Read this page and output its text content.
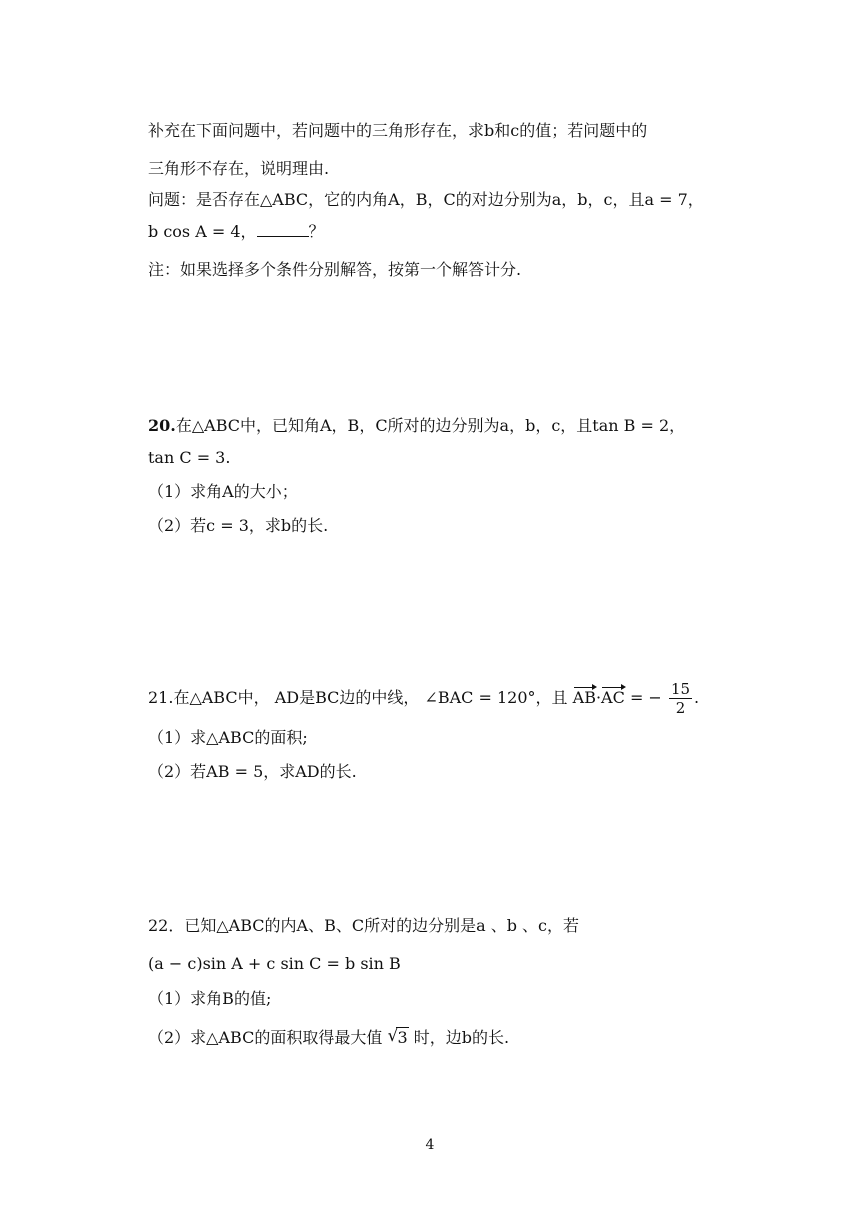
补充在下面问题中，若问题中的三角形存在，求b和c的值；若问题中的
三角形不存在，说明理由.
问题：是否存在△ABC，它的内角A，B，C的对边分别为a，b，c，且a = 7，
b cos A = 4，	？
注：如果选择多个条件分别解答，按第一个解答计分.
20.在△ABC中，已知角A，B，C所对的边分别为a，b，c，且tan B = 2，
tan C = 3.
（1）求角A的大小；
（2）若c = 3，求b的长.
21.在△ABC中， AD是BC边的中线， ∠BAC = 120°，且 AB·AC = − $\frac{15}{2}$ .
（1）求△ABC的面积;
（2）若AB = 5，求AD的长.
22．已知△ABC的内A、B、C所对的边分别是a 、b 、c，若
(a − c)sin A + c sin C = b sin B
（1）求角B的值;
（2）求△ABC的面积取得最大值 √ 3 时，边b的长.
4
